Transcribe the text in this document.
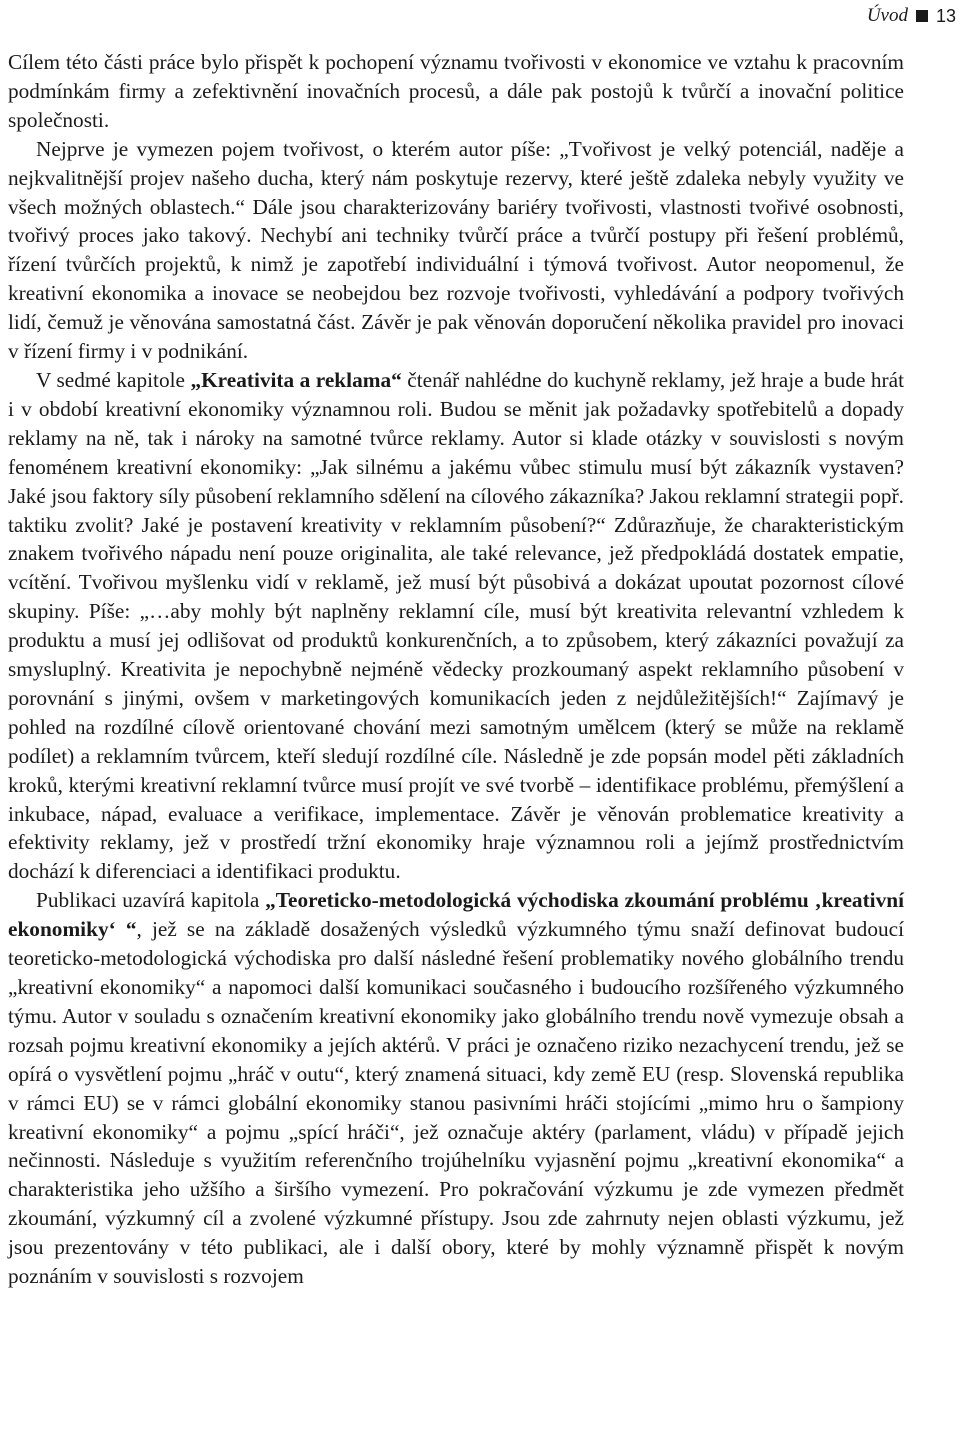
Úvod 13

Cílem této části práce bylo přispět k pochopení významu tvořivosti v ekonomice ve vztahu k pracovním podmínkám firmy a zefektivnění inovačních procesů, a dále pak postojů k tvůrčí a inovační politice společnosti.

Nejprve je vymezen pojem tvořivost, o kterém autor píše: „Tvořivost je velký potenciál, naděje a nejkvalitnější projev našeho ducha, který nám poskytuje rezervy, které ještě zdaleka nebyly využity ve všech možných oblastech.“ Dále jsou charakterizovány bariéry tvořivosti, vlastnosti tvořivé osobnosti, tvořivý proces jako takový. Nechybí ani techniky tvůrčí práce a tvůrčí postupy při řešení problémů, řízení tvůrčích projektů, k nimž je zapotřebí individuální i týmová tvořivost. Autor neopomenul, že kreativní ekonomika a inovace se neobejdou bez rozvoje tvořivosti, vyhledávání a podpory tvořivých lidí, čemuž je věnována samostatná část. Závěr je pak věnován doporučení několika pravidel pro inovaci v řízení firmy i v podnikání.

V sedmé kapitole „Kreativita a reklama“ čtenář nahlédne do kuchyně reklamy, jež hraje a bude hrát i v období kreativní ekonomiky významnou roli. Budou se měnit jak požadavky spotřebitelů a dopady reklamy na ně, tak i nároky na samotné tvůrce reklamy. Autor si klade otázky v souvislosti s novým fenoménem kreativní ekonomiky: „Jak silnému a jakému vůbec stimulu musí být zákazník vystaven? Jaké jsou faktory síly působení reklamního sdělení na cílového zákazníka? Jakou reklamní strategii popř. taktiku zvolit? Jaké je postavení kreativity v reklamním působení?“ Zdůrazňuje, že charakteristickým znakem tvořivého nápadu není pouze originalita, ale také relevance, jež předpokládá dostatek empatie, vcítění. Tvořivou myšlenku vidí v reklamě, jež musí být působivá a dokázat upoutat pozornost cílové skupiny. Píše: „…aby mohly být naplněny reklamní cíle, musí být kreativita relevantní vzhledem k produktu a musí jej odlišovat od produktů konkurenčních, a to způsobem, který zákazníci považují za smysluplný. Kreativita je nepochybně nejméně vědecky prozkoumaný aspekt reklamního působení v porovnání s jinými, ovšem v marketingových komunikacích jeden z nejdůležitějších!“ Zajímavý je pohled na rozdílné cílově orientované chování mezi samotným umělcem (který se může na reklamě podílet) a reklamním tvůrcem, kteří sledují rozdílné cíle. Následně je zde popsán model pěti základních kroků, kterými kreativní reklamní tvůrce musí projít ve své tvorbě – identifikace problému, přemýšlení a inkubace, nápad, evaluace a verifikace, implementace. Závěr je věnován problematice kreativity a efektivity reklamy, jež v prostředí tržní ekonomiky hraje významnou roli a jejímž prostřednictvím dochází k diferenciaci a identifikaci produktu.

Publikaci uzavírá kapitola „Teoreticko-metodologická východiska zkoumání problému ‚kreativní ekonomiky‘ “, jež se na základě dosažených výsledků výzkumného týmu snaží definovat budoucí teoreticko-metodologická východiska pro další následné řešení problematiky nového globálního trendu „kreativní ekonomiky“ a napomoci další komunikaci současného i budoucího rozšířeného výzkumného týmu. Autor v souladu s označením kreativní ekonomiky jako globálního trendu nově vymezuje obsah a rozsah pojmu kreativní ekonomiky a jejích aktérů. V práci je označeno riziko nezachycení trendu, jež se opírá o vysvětlení pojmu „hráč v outu“, který znamená situaci, kdy země EU (resp. Slovenská republika v rámci EU) se v rámci globální ekonomiky stanou pasivními hráči stojícími „mimo hru o šampiony kreativní ekonomiky“ a pojmu „spící hráči“, jež označuje aktéry (parlament, vládu) v případě jejich nečinnosti. Následuje s využitím referenčního trojúhelníku vyjasnění pojmu „kreativní ekonomika“ a charakteristika jeho užšího a širšího vymezení. Pro pokračování výzkumu je zde vymezen předmět zkoumání, výzkumný cíl a zvolené výzkumné přístupy. Jsou zde zahrnuty nejen oblasti výzkumu, jež jsou prezentovány v této publikaci, ale i další obory, které by mohly významně přispět k novým poznáním v souvislosti s rozvojem
